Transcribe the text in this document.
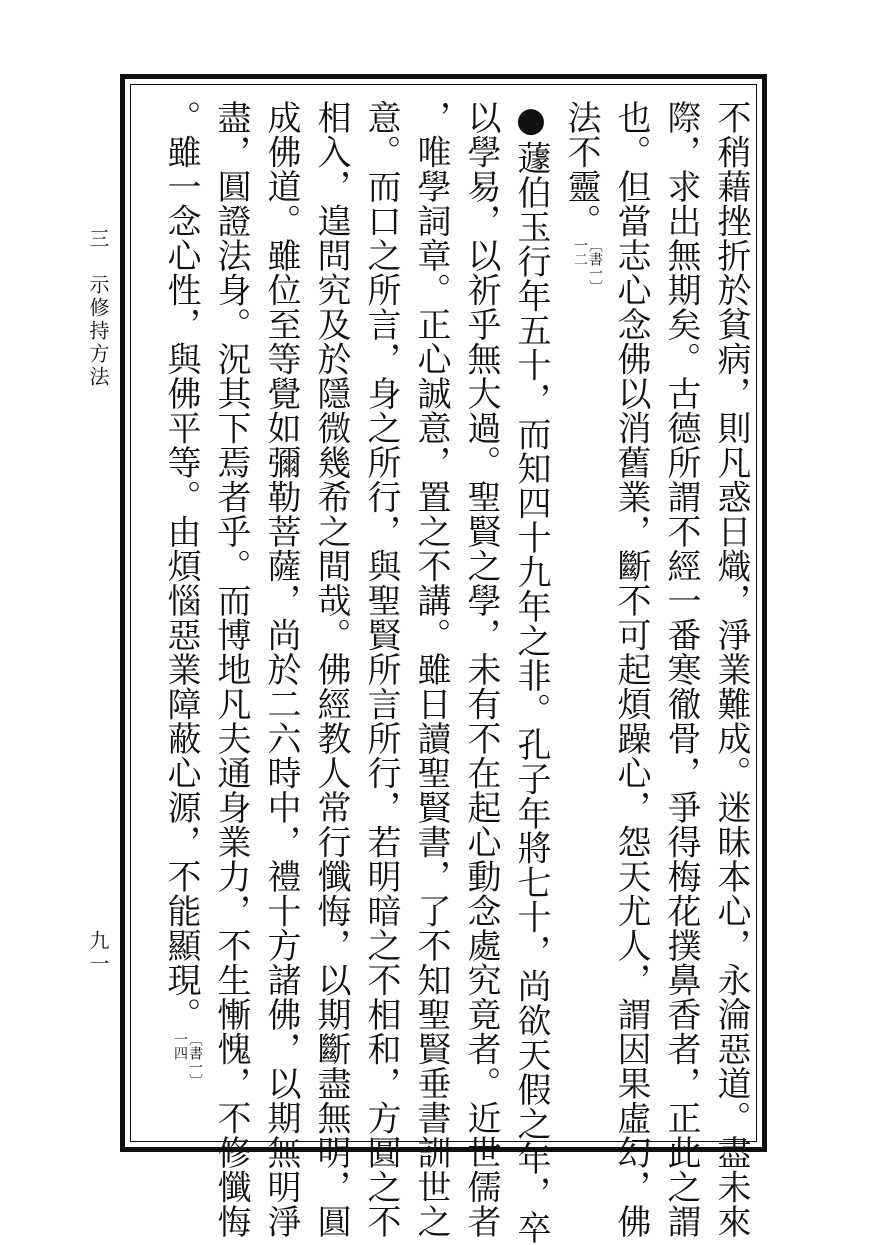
不稍藉挫折於貧病，則凡惑日熾，淨業難成。迷昧本心，永淪惡道。盡未來
際，求出無期矣。古德所謂不經一番寒徹骨，爭得梅花撲鼻香者，正此之謂
也。但當志心念佛以消舊業，斷不可起煩躁心，怨天尤人，謂因果虛幻，佛
法不靈。
〔書一〕
一二
●蘧伯玉行年五十，而知四十九年之非。孔子年將七十，尚欲天假之年，卒
以學易，以祈乎無大過。聖賢之學，未有不在起心動念處究竟者。近世儒者
，唯學詞章。正心誠意，置之不講。雖日讀聖賢書，了不知聖賢垂書訓世之
意。而口之所言，身之所行，與聖賢所言所行，若明暗之不相和，方圓之不
相入，遑問究及於隱微幾希之間哉。佛經教人常行懺悔，以期斷盡無明，圓
成佛道。雖位至等覺如彌勒菩薩，尚於二六時中，禮十方諸佛，以期無明淨
盡，圓證法身。況其下焉者乎。而博地凡夫通身業力，不生慚愧，不修懺悔
。雖一念心性，與佛平等。由煩惱惡業障蔽心源，不能顯現。
〔書一〕
一四
三　示修持方法
九一
